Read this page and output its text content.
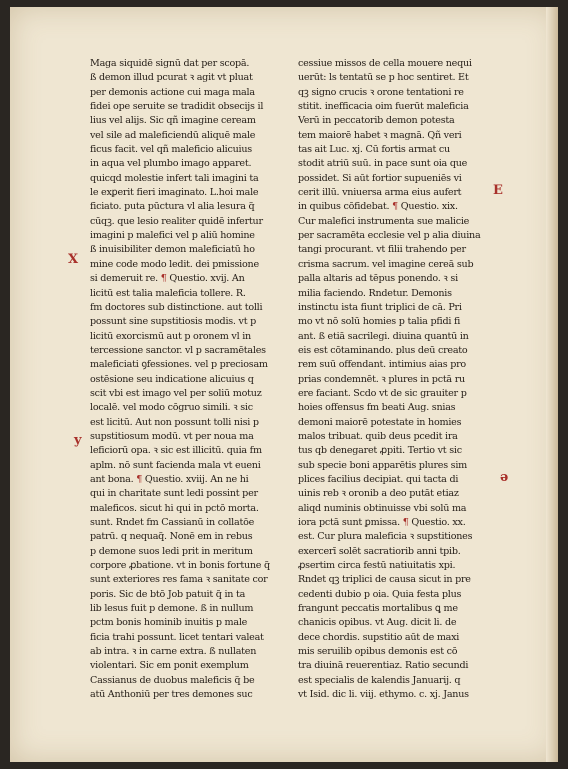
Maga siquidē signū dat per scopā.
ß demon illud pcurat ꝛ agit vt pluat
per demonis actione cui maga mala
fidei ope seruite se tradidit obsecijs il
lius vel alijs. Sic qñ imagine ceream
vel sile ad maleficiendū aliquē male
ficus facit. vel qñ maleficio alicuius
in aqua vel plumbo imago apparet.
quicqd molestie infert tali imagini ta
le exꝑerit fieri imaginato. L.hoi male
ficiato. puta pūctura vl alia lesura q̃
cūqꝫ. que lesio realiter quidē infertur
imagini p malefici vel p aliū homine
ß inuisibiliter demon maleficiatū ho
mine code modo ledit. dei pmissione
si demeruit re. ¶ Questio. xvij. An
licitū est talia maleficia tollere. R.
fm doctores sub distinctione. aut tolli
possunt sine supstitiosis modis. vt p
licitū exorcismū aut p oronem vl in
tercessione sanctor. vl p sacramētales
maleficiati ꝯfessiones. vel p preciosam
ostēsione seu indicatione alicuius q
scit vbi est imago vel per soliū motuz
localē. vel modo cōgruo simili. ꝛ sic
est licitū. Aut non possunt tolli nisi p
supstitiosum modū. vt per noua ma
leficiorū opa. ꝛ sic est illicitū. quia fm
aplm. nō sunt facienda mala vt eueni
ant bona. ¶ Questio. xviij. An ne hi
qui in charitate sunt ledi possint per
maleficos. sicut hi qui in pctō morta.
sunt. Rndet fm Cassianū in collatōe
patrū. q nequaq̃. Nonē em in rebus
p demone suos ledi prit in meritum
corpore ꝓbatione. vt in bonis fortune q̃
sunt exteriores res fama ꝛ sanitate cor
poris. Sic de btō Job patuit q̃ in ta
lib lesus fuit p demone. ß in nullum
pctm bonis hominib inuitis p male
ficia trahi possunt. licet tentari valeat
ab intra. ꝛ in carne extra. ß nullaten
violentari. Sic em ponit exemplum
Cassianus de duobus maleficis q̃ be
atū Anthoniū per tres demones suc
cessiue missos de cella mouere nequi
uerūt: ls tentatū se p hoc sentiret. Et
qꝫ signo crucis ꝛ orone tentationi re
stitit. inefficacia oim fuerūt maleficia
Verū in peccatorib demon potesta
tem maiorē habet ꝛ magnā. Qñ veri
tas ait Luc. xj. Cū fortis armat cu
stodit atriū suū. in pace sunt oia que
possidet. Si aūt fortior supueniēs vi
cerit illū. vniuersa arma eius aufert
in quibus cōfidebat. ¶ Questio. xix.
Cur malefici instrumenta sue malicie
per sacramēta ecclesie vel p alia diuina
tangi procurant. vt filii trahendo per
crisma sacrum. vel imagine cereā sub
palla altaris ad tēpus ponendo. ꝛ si
milia faciendo. Rndetur. Demonis
instinctu ista fiunt triplici de cā. Pri
mo vt nō solū homies p talia pfidi fi
ant. ß etiā sacrilegi. diuina quantū in
eis est cōtaminando. plus deū creato
rem suū offendant. intimius aias pro
prias condemnēt. ꝛ plures in pctā ru
ere faciant. Scdo vt de sic grauiter p
hoies offensus fm beati Aug. snias
demoni maiorē potestate in homies
malos tribuat. quib deus pcedit ira
tus qb denegaret ꝓpiti. Tertio vt sic
sub specie boni apparētis plures sim
plices facilius decipiat. qui tacta di
uinis reb ꝛ oronib a deo putāt etiaz
aliqd numinis obtinuisse vbi solū ma
iora pctā sunt ꝑmissa. ¶ Questio. xx.
est. Cur plura maleficia ꝛ supstitiones
exercerī solēt sacratiorib anni tpib.
ꝓsertim circa festū natiuitatis xpi.
Rndet qꝫ triplici de causa sicut in pre
cedenti dubio p oia. Quia festa plus
frangunt peccatis mortalibus ꝗ me
chanicis opibus. vt Aug. dicit li. de
dece chordis. supstitio aūt de maxi
mis seruilib opibus demonis est cō
tra diuinā reuerentiaz. Ratio secundi
est specialis de kalendis Januarij. q
vt Isid. dic li. viij. ethymo. c. xj. Janus
X
y
E
ǝ
